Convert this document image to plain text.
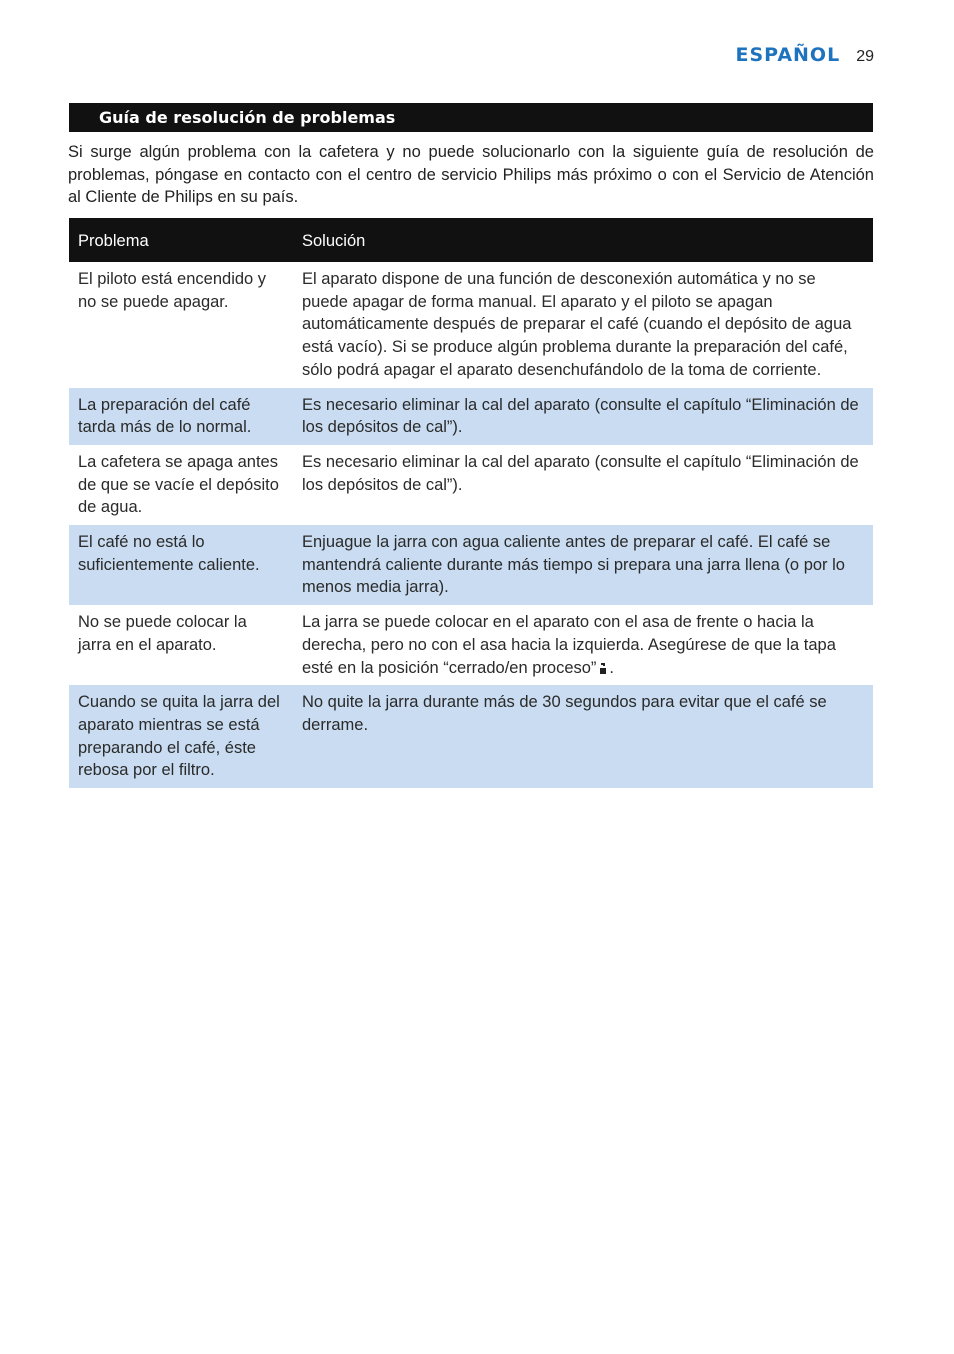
ESPAÑOL 29
Guía de resolución de problemas

Si surge algún problema con la cafetera y no puede solucionarlo con la siguiente guía de resolución de problemas, póngase en contacto con el centro de servicio Philips más próximo o con el Servicio de Atención al Cliente de Philips en su país.

Problema	Solución
El piloto está encendido y no se puede apagar.	El aparato dispone de una función de desconexión automática y no se puede apagar de forma manual. El aparato y el piloto se apagan automáticamente después de preparar el café (cuando el depósito de agua está vacío). Si se produce algún problema durante la preparación del café, sólo podrá apagar el aparato desenchufándolo de la toma de corriente.
La preparación del café tarda más de lo normal.	Es necesario eliminar la cal del aparato (consulte el capítulo “Eliminación de los depósitos de cal”).
La cafetera se apaga antes de que se vacíe el depósito de agua.	Es necesario eliminar la cal del aparato (consulte el capítulo “Eliminación de los depósitos de cal”).
El café no está lo suficientemente caliente.	Enjuague la jarra con agua caliente antes de preparar el café. El café se mantendrá caliente durante más tiempo si prepara una jarra llena (o por lo menos media jarra).
No se puede colocar la jarra en el aparato.	La jarra se puede colocar en el aparato con el asa de frente o hacia la derecha, pero no con el asa hacia la izquierda. Asegúrese de que la tapa esté en la posición “cerrado/en proceso” .
Cuando se quita la jarra del aparato mientras se está preparando el café, éste rebosa por el filtro.	No quite la jarra durante más de 30 segundos para evitar que el café se derrame.
